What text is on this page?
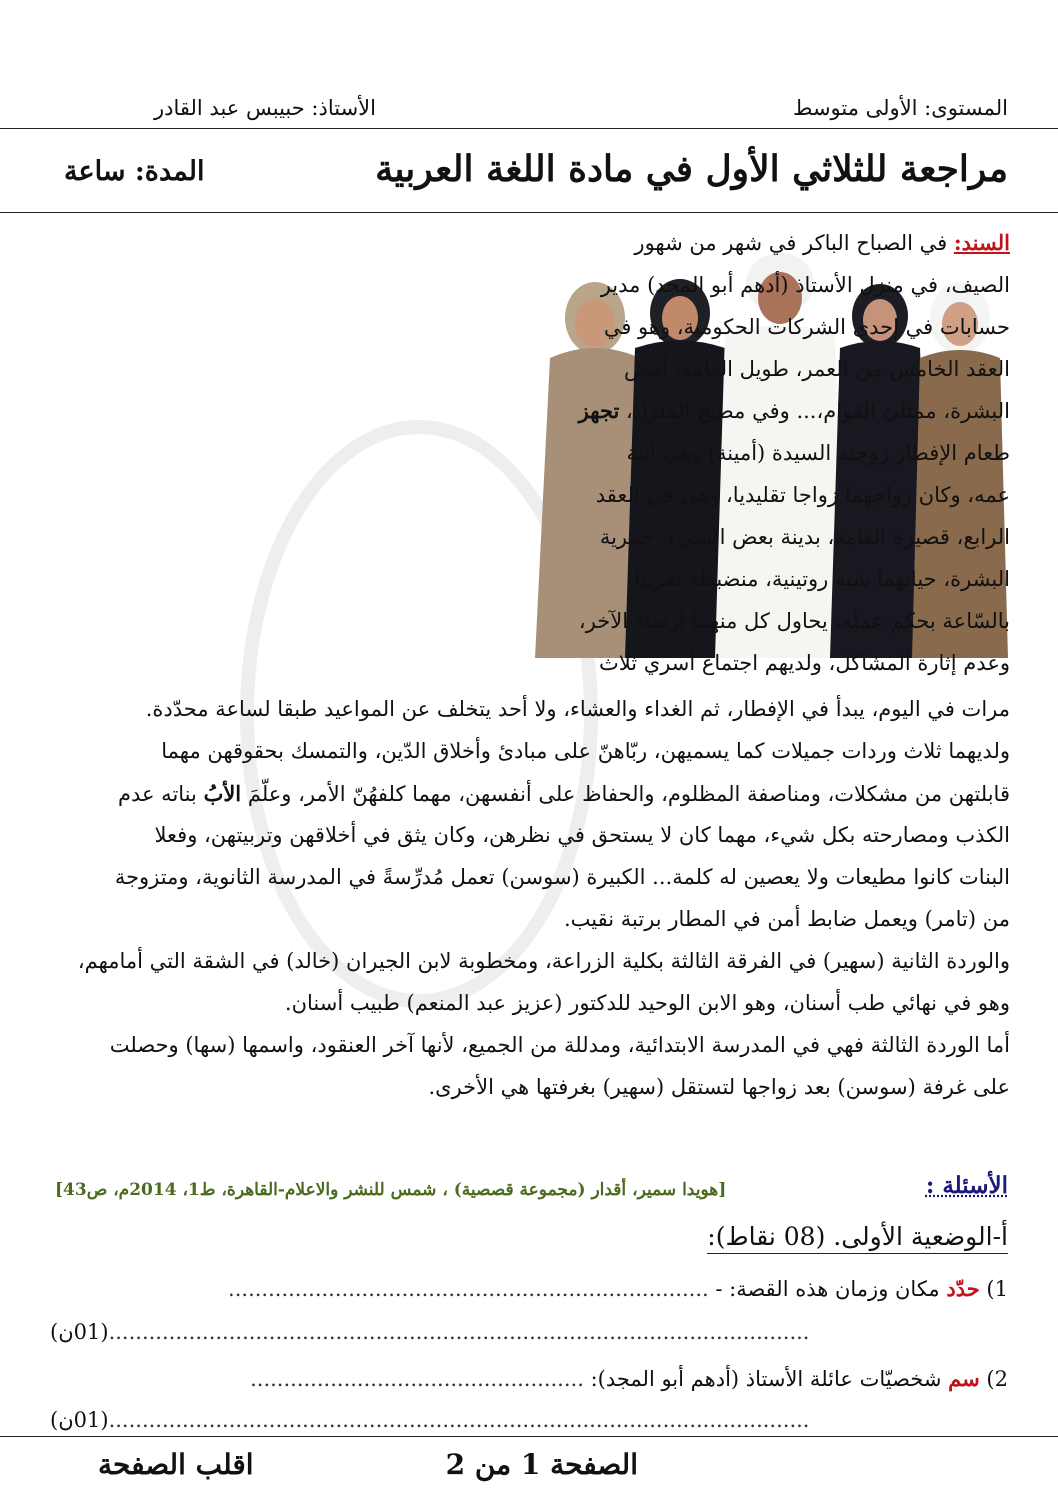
المستوى: الأولى متوسط
الأستاذ: حبيبس عبد القادر
مراجعة للثلاثي الأول في مادة اللغة العربية
المدة: ساعة
السند: في الصباح الباكر في شهر من شهور
الصيف، في منزل الأستاذ (أدهم أبو المجد) مدير
حسابات في إحدى الشركات الحكومية، وهو في
العقد الخامس من العمر، طويل القامة، أبيض
البشرة، ممتلئ القوام،... وفي مطبخ المنزل، تجهز
طعام الإفطار زوجته السيدة (أمينة) وهي ابنة
عمه، وكان زواجهما زواجا تقليديا، وهي في العقد
الرابع، قصيرة القامة، بدينة بعض الشيء، خمرية
البشرة، حياتهما شبه روتينية، منضبطة تقريبا
بالسّاعة بحكم عمله، يحاول كل منهما إرضاء الآخر،
وعدم إثارة المشاكل، ولديهم اجتماع أسري ثلاث
مرات في اليوم، يبدأ في الإفطار، ثم الغداء والعشاء، ولا أحد يتخلف عن المواعيد طبقا لساعة محدّدة.
ولديهما ثلاث وردات جميلات كما يسميهن، ربّاهنّ على مبادئ وأخلاق الدّين، والتمسك بحقوقهن مهما
قابلتهن من مشكلات، ومناصفة المظلوم، والحفاظ على أنفسهن، مهما كلفهُنّ الأمر، وعلّمَ الأبُ بناته عدم
الكذب ومصارحته بكل شيء، مهما كان لا يستحق في نظرهن، وكان يثق في أخلاقهن وتربيتهن، وفعلا
البنات كانوا مطيعات ولا يعصين له كلمة... الكبيرة (سوسن) تعمل مُدرِّسةً في المدرسة الثانوية، ومتزوجة
من (تامر) ويعمل ضابط أمن في المطار برتبة نقيب.
والوردة الثانية (سهير) في الفرقة الثالثة بكلية الزراعة، ومخطوبة لابن الجيران (خالد) في الشقة التي أمامهم،
وهو في نهائي طب أسنان، وهو الابن الوحيد للدكتور (عزيز عبد المنعم) طبيب أسنان.
أما الوردة الثالثة فهي في المدرسة الابتدائية، ومدللة من الجميع، لأنها آخر العنقود، واسمها (سها) وحصلت
على غرفة (سوسن) بعد زواجها لتستقل (سهير) بغرفتها هي الأخرى.
الأسئلة :
[هويدا سمير، أقدار (مجموعة قصصية) ، شمس للنشر والاعلام-القاهرة، ط1، 2014م، ص43]
أ-الوضعية الأولى. (08 نقاط):
1) حدّد مكان وزمان هذه القصة: - ........................................................................
.........................................................................................................(01ن)
2) سم شخصيّات عائلة الأستاذ (أدهم أبو المجد): ..................................................
.........................................................................................................(01ن)
الصفحة 1 من 2
اقلب الصفحة
